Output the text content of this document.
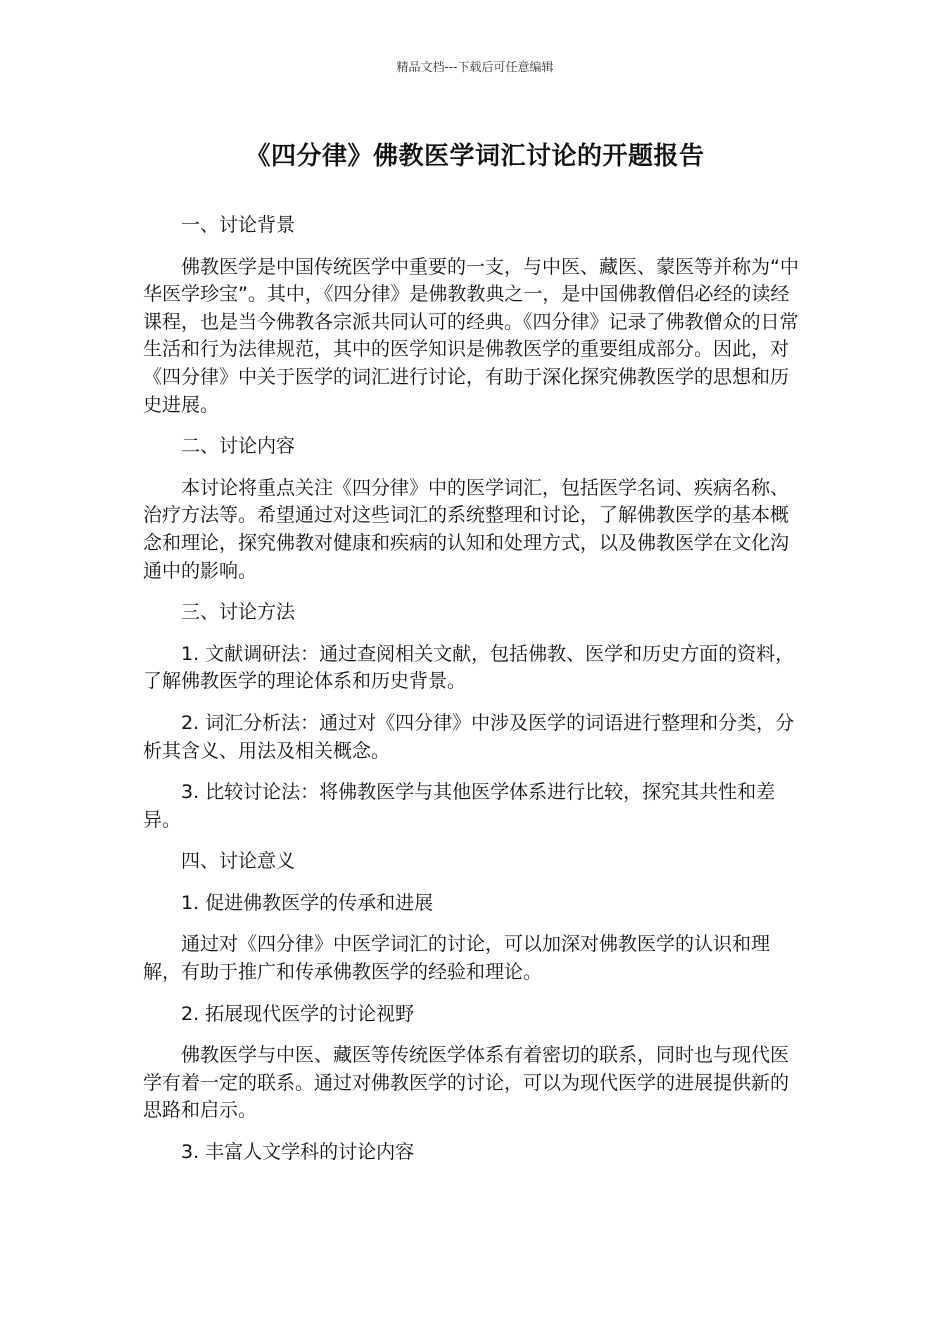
精品文档---下载后可任意编辑
《四分律》佛教医学词汇讨论的开题报告

一、讨论背景

佛教医学是中国传统医学中重要的一支，与中医、藏医、蒙医等并称为“中华医学珍宝”。其中，《四分律》是佛教教典之一，是中国佛教僧侣必经的读经课程，也是当今佛教各宗派共同认可的经典。《四分律》记录了佛教僧众的日常生活和行为法律规范，其中的医学知识是佛教医学的重要组成部分。因此，对《四分律》中关于医学的词汇进行讨论，有助于深化探究佛教医学的思想和历史进展。

二、讨论内容

本讨论将重点关注《四分律》中的医学词汇，包括医学名词、疾病名称、治疗方法等。希望通过对这些词汇的系统整理和讨论，了解佛教医学的基本概念和理论，探究佛教对健康和疾病的认知和处理方式，以及佛教医学在文化沟通中的影响。

三、讨论方法

1. 文献调研法：通过查阅相关文献，包括佛教、医学和历史方面的资料，了解佛教医学的理论体系和历史背景。

2. 词汇分析法：通过对《四分律》中涉及医学的词语进行整理和分类，分析其含义、用法及相关概念。

3. 比较讨论法：将佛教医学与其他医学体系进行比较，探究其共性和差异。

四、讨论意义

1. 促进佛教医学的传承和进展

通过对《四分律》中医学词汇的讨论，可以加深对佛教医学的认识和理解，有助于推广和传承佛教医学的经验和理论。

2. 拓展现代医学的讨论视野

佛教医学与中医、藏医等传统医学体系有着密切的联系，同时也与现代医学有着一定的联系。通过对佛教医学的讨论，可以为现代医学的进展提供新的思路和启示。

3. 丰富人文学科的讨论内容
